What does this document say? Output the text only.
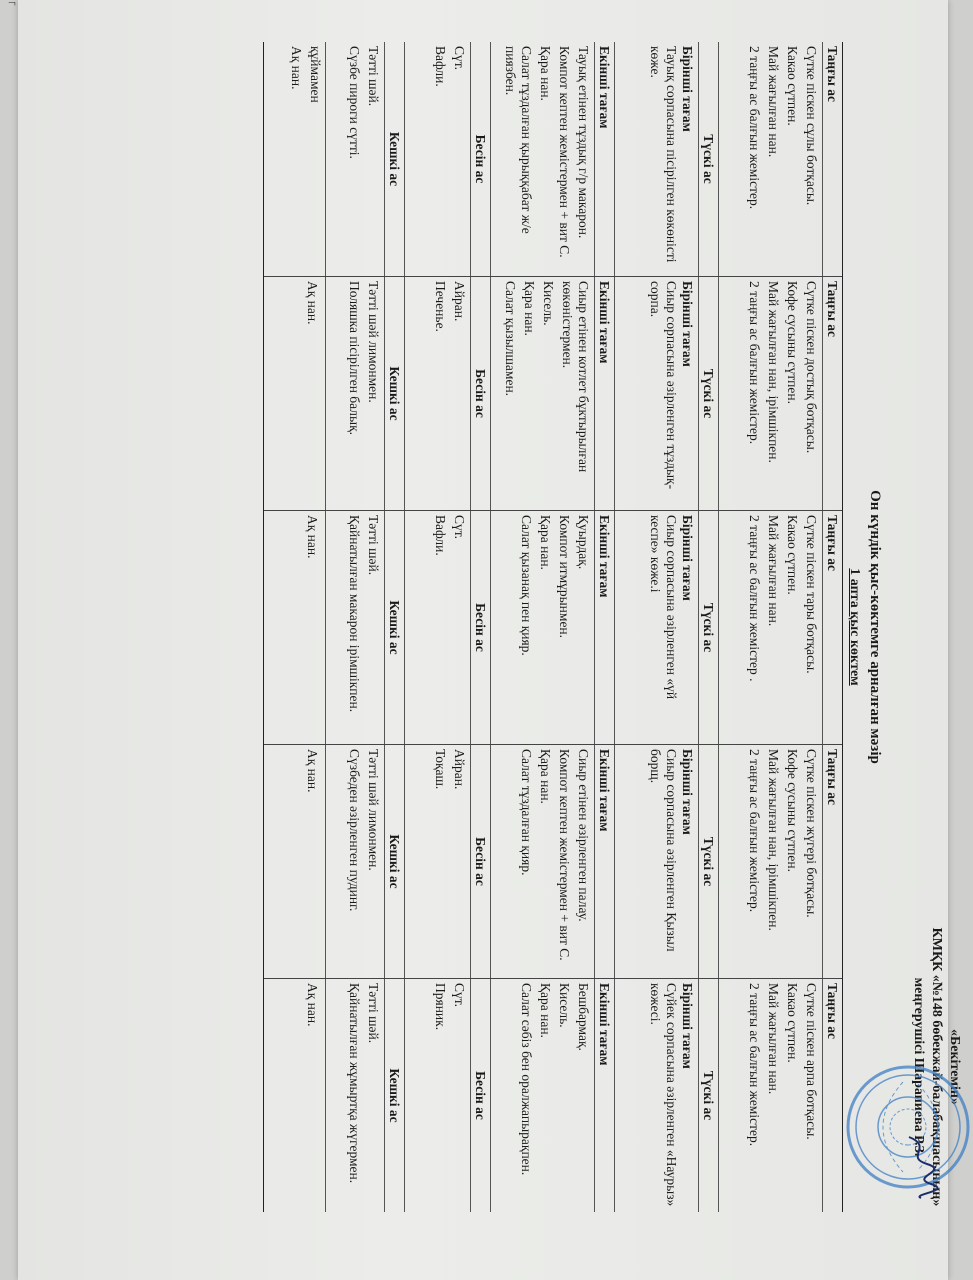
¬
«Бекітемін»
КМҚК «№148 бөбекжай-балабақшасының»
меңгерушісі Шарапиева Р.З.
Он күндік қыс-көктемге арналған мәзір
1 апта қыс көктем
Таңғы ас
Сүтке піскен сұлы ботқасы.
Какао сүтпен.
Май жағылған нан.
2 таңғы ас балғын жемістер.
Түскі ас
Бірінші тағам
Тауық сорпасына пісірілген көкөністі көже.
Екінші тағам
Тауық етінен тұздық г/р макарон.
Компот кептен жемістермен + вит С.
Қара нан.
Салат тұздалған қырыққабат ж/е пиязбен.
Бесін ас
Сүт.
Вафли.
Кешкі ас
Тәтті шәй.
Сүзбе пироги сүтті.
құймамен
Ақ нан.
Таңғы ас
Сүтке піскен достық ботқасы.
Кофе сусыны сүтпен.
Май жағылған нан, ірімшікпен.
2 таңғы ас балғын жемістер.
Түскі ас
Бірінші тағам
Сиыр сорпасына әзірленген тұздық-сорпа.
Екінші тағам
Сиыр етінен котлет бұктырылған көкөністермен.
Кисель.
Қара нан.
Салат қызылшамен.
Бесін ас
Айран.
Печенье.
Кешкі ас
Тәтті шәй лимонмен.
Поляшка пісірілген балық.
Ақ нан.
Таңғы ас
Сүтке піскен тары ботқасы.
Какао сүтпен.
Май жағылған нан.
2 таңғы ас балғын жемістер .
Түскі ас
Бірінші тағам
Сиыр сорпасына әзірленген «үй кеспе» көже.і
Екінші тағам
Қуырдақ.
Компот итмұрынмен.
Қара нан.
Салат қызанақ пен қияр.
Бесін ас
Сүт.
Вафли.
Кешкі ас
Тәтті шәй.
Қайнатылған макарон ірімшікпен.
Ақ нан.
Таңғы ас
Сүтке піскен жүгері ботқасы.
Кофе сусыны сүтпен.
Май жағылған нан, ірімшікпен.
2 таңғы ас балғын жемістер.
Түскі ас
Бірінші тағам
Сиыр сорпасына әзірленген Қызыл борщ.
Екінші тағам
Сиыр етінен әзірленген палау.
Компот кептен жемістермен + вит С.
Қара нан.
Салат тұздалған қияр.
Бесін ас
Айран.
Тоқаш.
Кешкі ас
Тәтті шәй лимонмен.
Сүзбеден әзірленген пудинг.
Ақ нан.
Таңғы ас
Сүтке піскен арпа ботқасы.
Какао сүтпен.
Май жағылған нан.
2 таңғы ас балғын жемістер.
Түскі ас
Бірінші тағам
Сүйек сорпасына әзірленген «Наурыз» көжесі.
Екінші тағам
Бешбармақ.
Кисель.
Қара нан.
Салат сәбіз бен оралжапырақпен.
Бесін ас
Сүт.
Пряник.
Кешкі ас
Тәтті шәй.
Қайнатылған жұмыртқа жүгермен.
Ақ нан.
